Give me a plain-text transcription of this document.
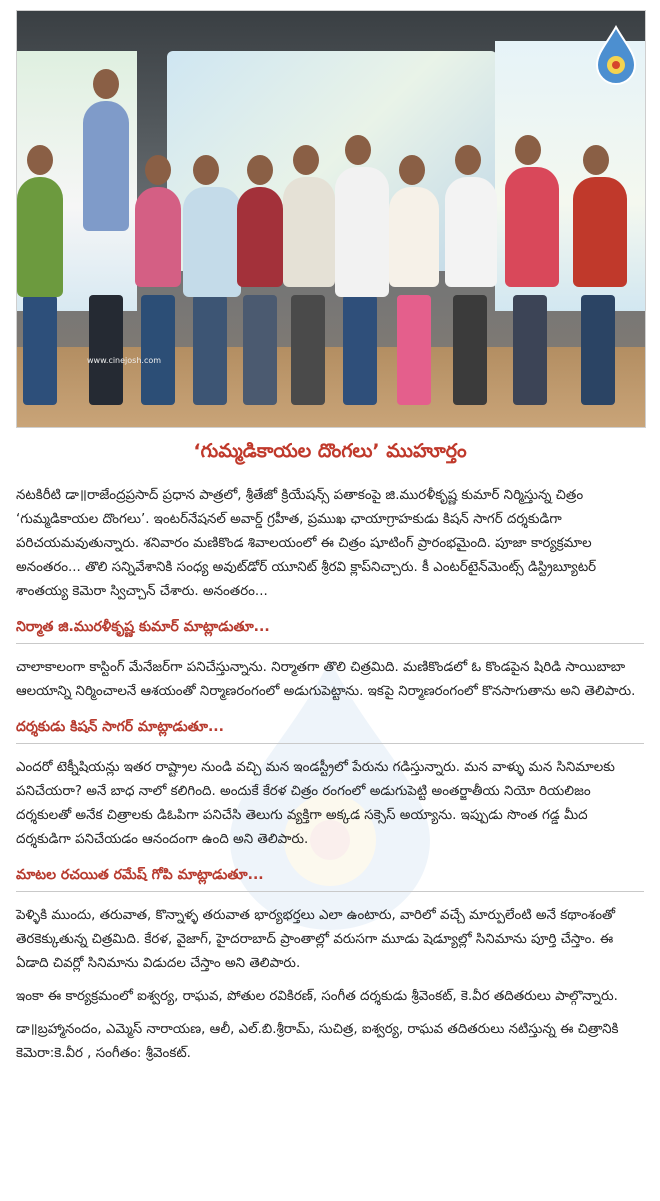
www.cinejosh.com
‘గుమ్మడికాయల దొంగలు’ ముహూర్తం

నటకిరీటి డా॥రాజేంద్రప్రసాద్ ప్రధాన పాత్రలో, శ్రీతేజో క్రియేషన్స్ పతాకంపై జి.మురళీకృష్ణ కుమార్ నిర్మిస్తున్న చిత్రం ‘గుమ్మడికాయల దొంగలు’. ఇంటర్‌నేషనల్ అవార్డ్ గ్రహీత, ప్రముఖ ఛాయాగ్రాహకుడు కిషన్ సాగర్ దర్శకుడిగా పరిచయమవుతున్నారు. శనివారం మణికొండ శివాలయంలో ఈ చిత్రం షూటింగ్ ప్రారంభమైంది. పూజా కార్యక్రమాల అనంతరం... తొలి సన్నివేశానికి సంధ్య అవుట్‌డోర్ యూనిట్ శ్రీరవి క్లాప్‌నిచ్చారు. కీ ఎంటర్‌టైన్‌మెంట్స్ డిస్ట్రిబ్యూటర్ శాంతయ్య కెమెరా స్విచ్చాన్ చేశారు. అనంతరం...

నిర్మాత జి.మురళీకృష్ణ కుమార్ మాట్లాడుతూ...

చాలాకాలంగా కాస్టింగ్ మేనేజర్‌గా పనిచేస్తున్నాను. నిర్మాతగా తొలి చిత్రమిది. మణికొండలో ఓ కొండపైన షిరిడి సాయిబాబా ఆలయాన్ని నిర్మించాలనే ఆశయంతో నిర్మాణరంగంలో అడుగుపెట్టాను. ఇకపై నిర్మాణరంగంలో కొనసాగుతాను అని తెలిపారు.

దర్శకుడు కిషన్ సాగర్ మాట్లాడుతూ...

ఎందరో టెక్నీషియన్లు ఇతర రాష్ట్రాల నుండి వచ్చి మన ఇండస్ట్రీలో పేరును గడిస్తున్నారు. మన వాళ్ళు మన సినిమాలకు పనిచేయరా? అనే బాధ నాలో కలిగింది. అందుకే కేరళ చిత్రం రంగంలో అడుగుపెట్టి అంతర్జాతీయ నియో రియలిజం దర్శకులతో అనేక చిత్రాలకు డిఓపిగా పనిచేసి తెలుగు వ్యక్తిగా అక్కడ సక్సెస్ అయ్యాను. ఇప్పుడు సొంత గడ్డ మీద దర్శకుడిగా పనిచేయడం ఆనందంగా ఉంది అని తెలిపారు.

మాటల రచయిత రమేష్ గోపి మాట్లాడుతూ...

పెళ్ళికి ముందు, తరువాత, కొన్నాళ్ళ తరువాత భార్యభర్తలు ఎలా ఉంటారు, వారిలో వచ్చే మార్పులేంటి అనే కథాంశంతో తెరకెక్కుతున్న చిత్రమిది. కేరళ, వైజాగ్, హైదరాబాద్ ప్రాంతాల్లో వరుసగా మూడు షెడ్యూల్లో సినిమాను పూర్తి చేస్తాం. ఈ ఏడాది చివర్లో సినిమాను విడుదల చేస్తాం అని తెలిపారు.

ఇంకా ఈ కార్యక్రమంలో ఐశ్వర్య, రాఘవ, పోతుల రవికిరణ్, సంగీత దర్శకుడు శ్రీవెంకట్, కె.వీర తదితరులు పాల్గొన్నారు.

డా॥బ్రహ్మానందం, ఎమ్మెస్ నారాయణ, ఆలీ, ఎల్.బి.శ్రీరామ్, సుచిత్ర, ఐశ్వర్య, రాఘవ తదితరులు నటిస్తున్న ఈ చిత్రానికి కెమెరా:కె.వీర , సంగీతం: శ్రీవెంకట్.
